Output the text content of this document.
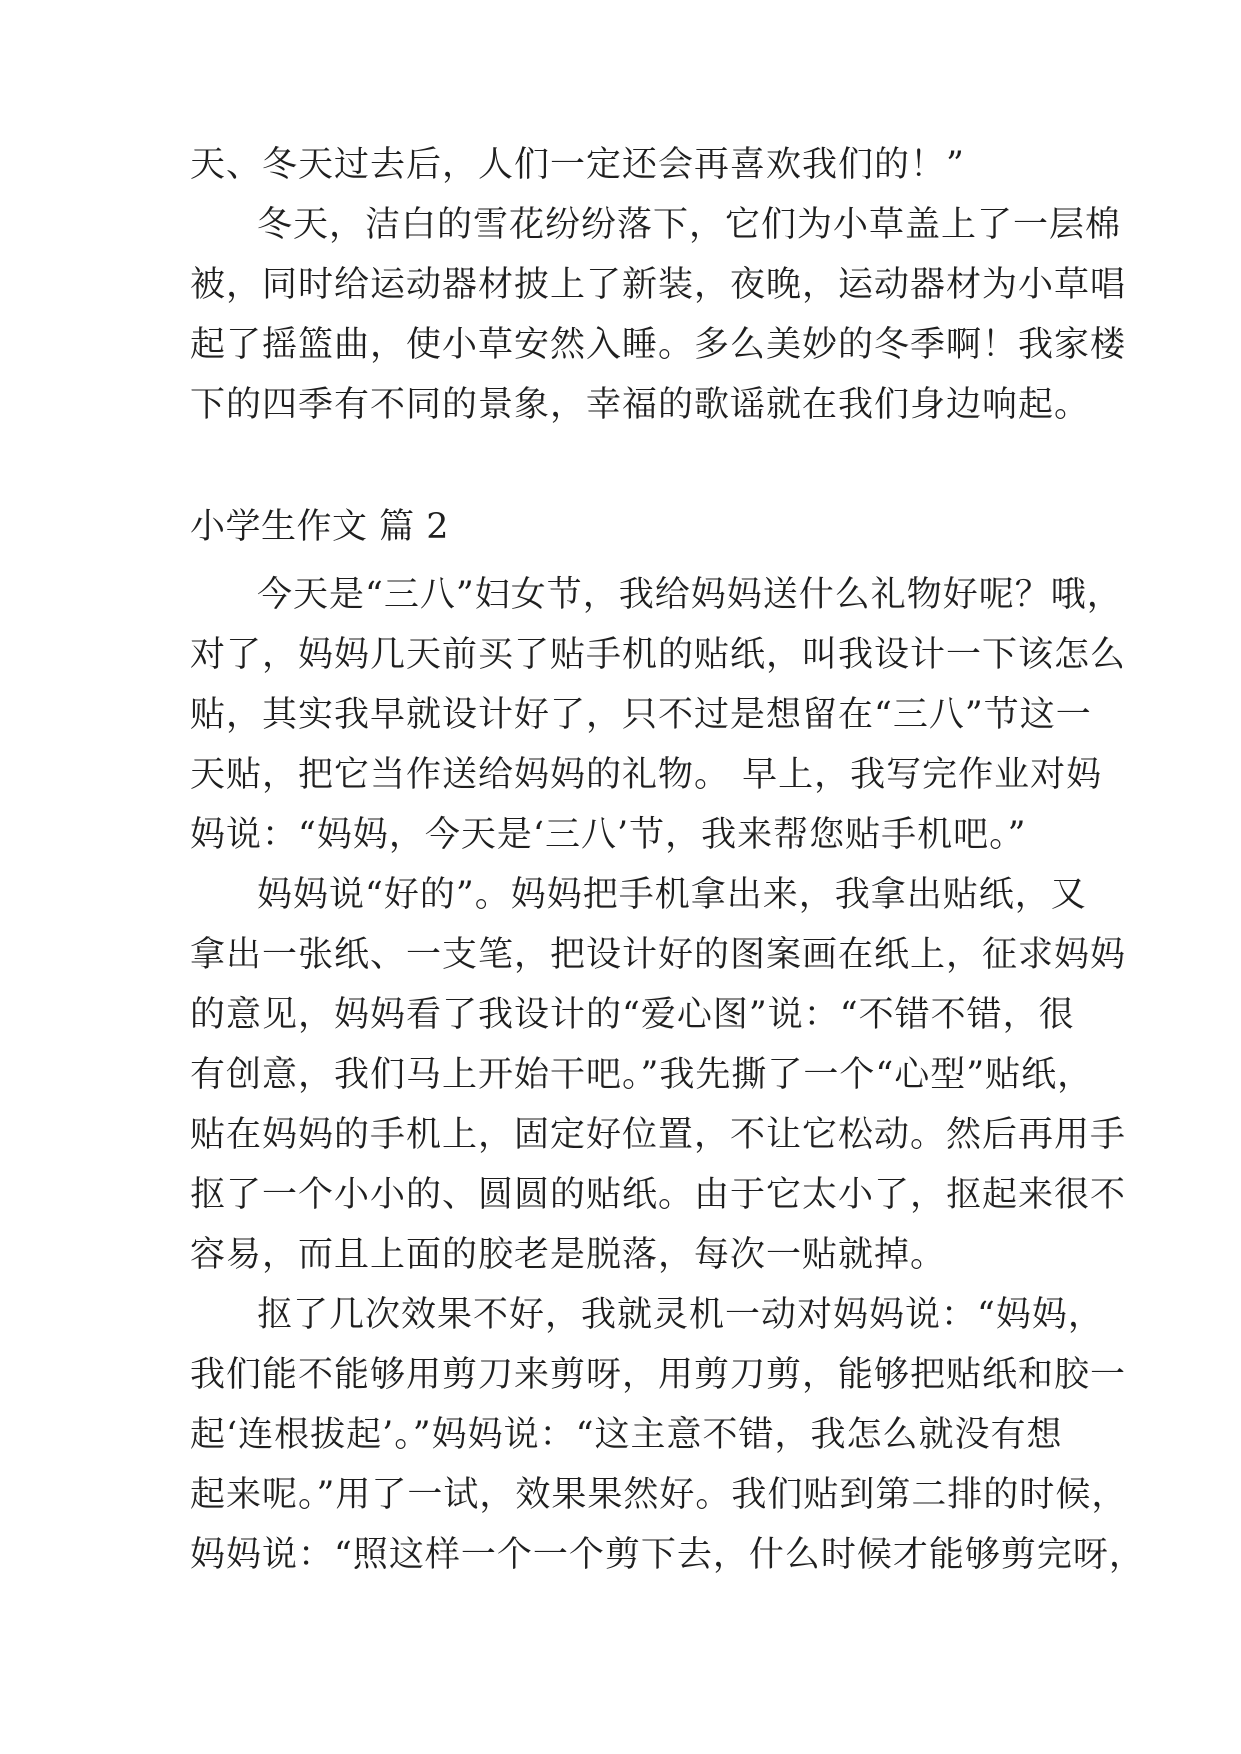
天、冬天过去后，人们一定还会再喜欢我们的！”
冬天，洁白的雪花纷纷落下，它们为小草盖上了一层棉
被，同时给运动器材披上了新装，夜晚，运动器材为小草唱
起了摇篮曲，使小草安然入睡。多么美妙的冬季啊！我家楼
下的四季有不同的景象，幸福的歌谣就在我们身边响起。
小学生作文 篇 2
今天是“三八”妇女节，我给妈妈送什么礼物好呢？哦，
对了，妈妈几天前买了贴手机的贴纸，叫我设计一下该怎么
贴，其实我早就设计好了，只不过是想留在“三八”节这一
天贴，把它当作送给妈妈的礼物。 早上，我写完作业对妈
妈说：“妈妈，今天是‘三八’节，我来帮您贴手机吧。”
妈妈说“好的”。妈妈把手机拿出来，我拿出贴纸，又
拿出一张纸、一支笔，把设计好的图案画在纸上，征求妈妈
的意见，妈妈看了我设计的“爱心图”说：“不错不错，很
有创意，我们马上开始干吧。”我先撕了一个“心型”贴纸，
贴在妈妈的手机上，固定好位置，不让它松动。然后再用手
抠了一个小小的、圆圆的贴纸。由于它太小了，抠起来很不
容易，而且上面的胶老是脱落，每次一贴就掉。
抠了几次效果不好，我就灵机一动对妈妈说：“妈妈，
我们能不能够用剪刀来剪呀，用剪刀剪，能够把贴纸和胶一
起‘连根拔起’。”妈妈说：“这主意不错，我怎么就没有想
起来呢。”用了一试，效果果然好。我们贴到第二排的时候，
妈妈说：“照这样一个一个剪下去，什么时候才能够剪完呀，
